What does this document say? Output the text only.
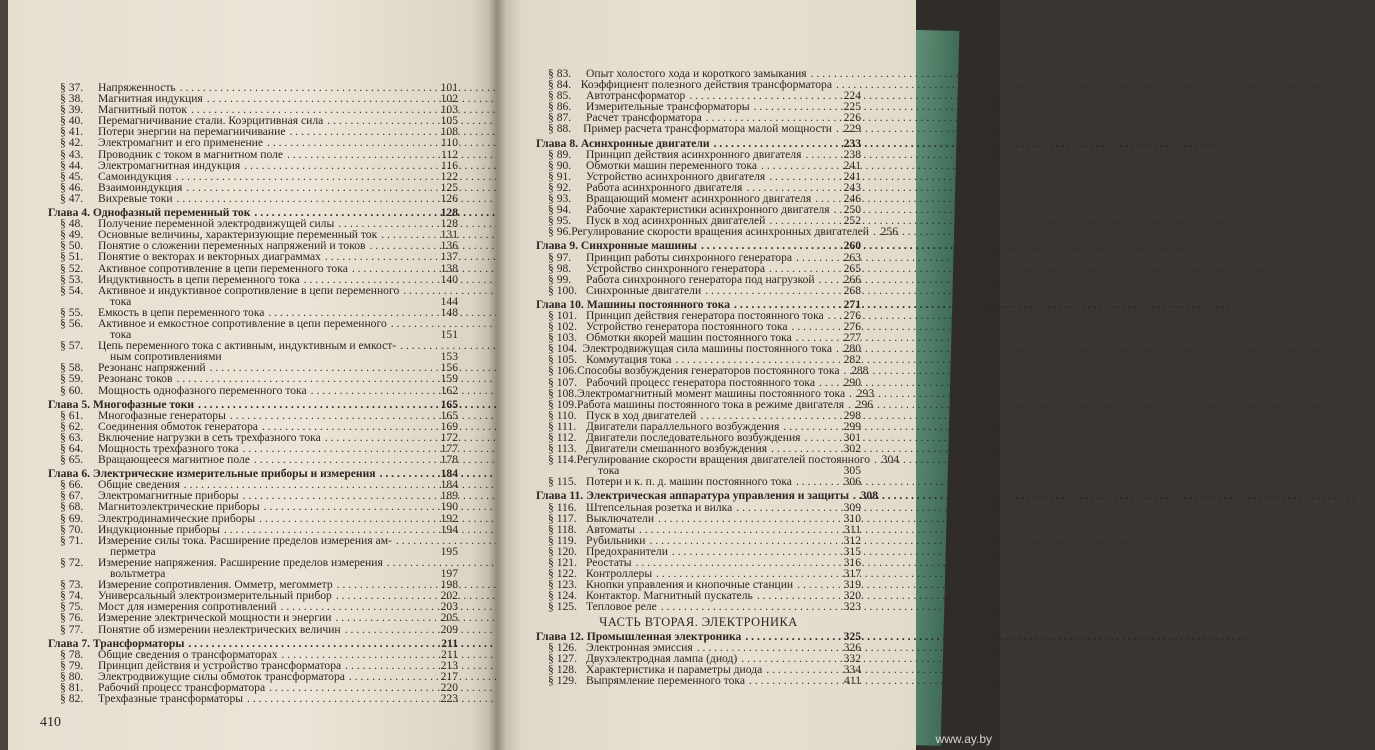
§ 37.	Напряженность . . .	101
§ 38.	Магнитная индукция . . .	102
§ 39.	Магнитный поток . . .	103
§ 40.	Перемагничивание стали. Коэрцитивная сила . . .	105
§ 41.	Потери энергии на перемагничивание . . .	108
§ 42.	Электромагнит и его применение . . .	110
§ 43.	Проводник с током в магнитном поле . . .	112
§ 44.	Электромагнитная индукция . . .	116
§ 45.	Самоиндукция . . .	122
§ 46.	Взаимоиндукция . . .	125
§ 47.	Вихревые токи . . .	126
Глава 4. Однофазный переменный ток . . .	128
§ 48.	Получение переменной электродвижущей силы . . .	128
§ 49.	Основные величины, характеризующие переменный ток . . .	131
§ 50.	Понятие о сложении переменных напряжений и токов . . .	136
§ 51.	Понятие о векторах и векторных диаграммах . . .	137
§ 52.	Активное сопротивление в цепи переменного тока . . .	138
§ 53.	Индуктивность в цепи переменного тока . . .	140
§ 54.	Активное и индуктивное сопротивление в цепи переменного . . .
тока	144
§ 55.	Емкость в цепи переменного тока . . .	148
§ 56.	Активное и емкостное сопротивление в цепи переменного . . .
тока	151
§ 57.	Цепь переменного тока с активным, индуктивным и емкост- . . .
ным сопротивлениями	153
§ 58.	Резонанс напряжений . . .	156
§ 59.	Резонанс токов . . .	159
§ 60.	Мощность однофазного переменного тока . . .	162
Глава 5. Многофазные токи . . .	165
§ 61.	Многофазные генераторы . . .	165
§ 62.	Соединения обмоток генератора . . .	169
§ 63.	Включение нагрузки в сеть трехфазного тока . . .	172
§ 64.	Мощность трехфазного тока . . .	177
§ 65.	Вращающееся магнитное поле . . .	178
Глава 6. Электрические измерительные приборы и измерения . . .	184
§ 66.	Общие сведения . . .	184
§ 67.	Электромагнитные приборы . . .	189
§ 68.	Магнитоэлектрические приборы . . .	190
§ 69.	Электродинамические приборы . . .	192
§ 70.	Индукционные приборы . . .	194
§ 71.	Измерение силы тока. Расширение пределов измерения ам- . . .
перметра	195
§ 72.	Измерение напряжения. Расширение пределов измерения . . .
вольтметра	197
§ 73.	Измерение сопротивления. Омметр, мегомметр . . .	198
§ 74.	Универсальный электроизмерительный прибор . . .	202
§ 75.	Мост для измерения сопротивлений . . .	203
§ 76.	Измерение электрической мощности и энергии . . .	205
§ 77.	Понятие об измерении неэлектрических величин . . .	209
Глава 7. Трансформаторы . . .	211
§ 78.	Общие сведения о трансформаторах . . .	211
§ 79.	Принцип действия и устройство трансформатора . . .	213
§ 80.	Электродвижущие силы обмоток трансформатора . . .	217
§ 81.	Рабочий процесс трансформатора . . .	220
§ 82.	Трехфазные трансформаторы . . .	223
410
§ 83.	Опыт холостого хода и короткого замыкания . . .
§ 84. Коэффициент полезного действия трансформатора . . .
§ 85.	Автотрансформатор . . .	224
§ 86.	Измерительные трансформаторы . . .	225
§ 87.	Расчет трансформатора . . .	226
§ 88.	Пример расчета трансформатора малой мощности . . .	229
Глава 8. Асинхронные двигатели . . .	233
§ 89.	Принцип действия асинхронного двигателя . . .	238
§ 90.	Обмотки машин переменного тока . . .	241
§ 91.	Устройство асинхронного двигателя . . .	241
§ 92.	Работа асинхронного двигателя . . .	243
§ 93.	Вращающий момент асинхронного двигателя . . .	246
§ 94.	Рабочие характеристики асинхронного двигателя . . .	250
§ 95.	Пуск в ход асинхронных двигателей . . .	252
§ 96. Регулирование скорости вращения асинхронных двигателей . . .	256
Глава 9. Синхронные машины . . .	260
§ 97.	Принцип работы синхронного генератора . . .	263
§ 98.	Устройство синхронного генератора . . .	265
§ 99.	Работа синхронного генератора под нагрузкой . . .	266
§ 100. Синхронные двигатели . . .	268
Глава 10. Машины постоянного тока . . .	271
§ 101. Принцип действия генератора постоянного тока . . .	276
§ 102. Устройство генератора постоянного тока . . .	276
§ 103. Обмотки якорей машин постоянного тока . . .	277
§ 104. Электродвижущая сила машины постоянного тока . . .	280
§ 105. Коммутация тока . . .	282
§ 106. Способы возбуждения генераторов постоянного тока . . .	288
§ 107. Рабочий процесс генератора постоянного тока . . .	290
§ 108. Электромагнитный момент машины постоянного тока . . .	293
§ 109. Работа машины постоянного тока в режиме двигателя . . .	296
§ 110. Пуск в ход двигателей . . .	298
§ 111. Двигатели параллельного возбуждения . . .	299
§ 112. Двигатели последовательного возбуждения . . .	301
§ 113. Двигатели смешанного возбуждения . . .	302
§ 114. Регулирование скорости вращения двигателей постоянного . . .	304
тока	305
§ 115. Потери и к. п. д. машин постоянного тока . . .	306
Глава 11. Электрическая аппаратура управления и защиты . . .	308
§ 116. Штепсельная розетка и вилка . . .	309
§ 117. Выключатели . . .	310
§ 118. Автоматы . . .	311
§ 119. Рубильники . . .	312
§ 120. Предохранители . . .	315
§ 121. Реостаты . . .	316
§ 122. Контроллеры . . .	317
§ 123. Кнопки управления и кнопочные станции . . .	319
§ 124. Контактор. Магнитный пускатель . . .	320
§ 125. Тепловое реле . . .	323
ЧАСТЬ ВТОРАЯ. ЭЛЕКТРОНИКА
Глава 12. Промышленная электроника . . .	325
§ 126. Электронная эмиссия . . .	326
§ 127. Двухэлектродная лампа (диод) . . .	332
§ 128. Характеристика и параметры диода . . .	334
§ 129. Выпрямление переменного тока . . .	411
www.ay.by
